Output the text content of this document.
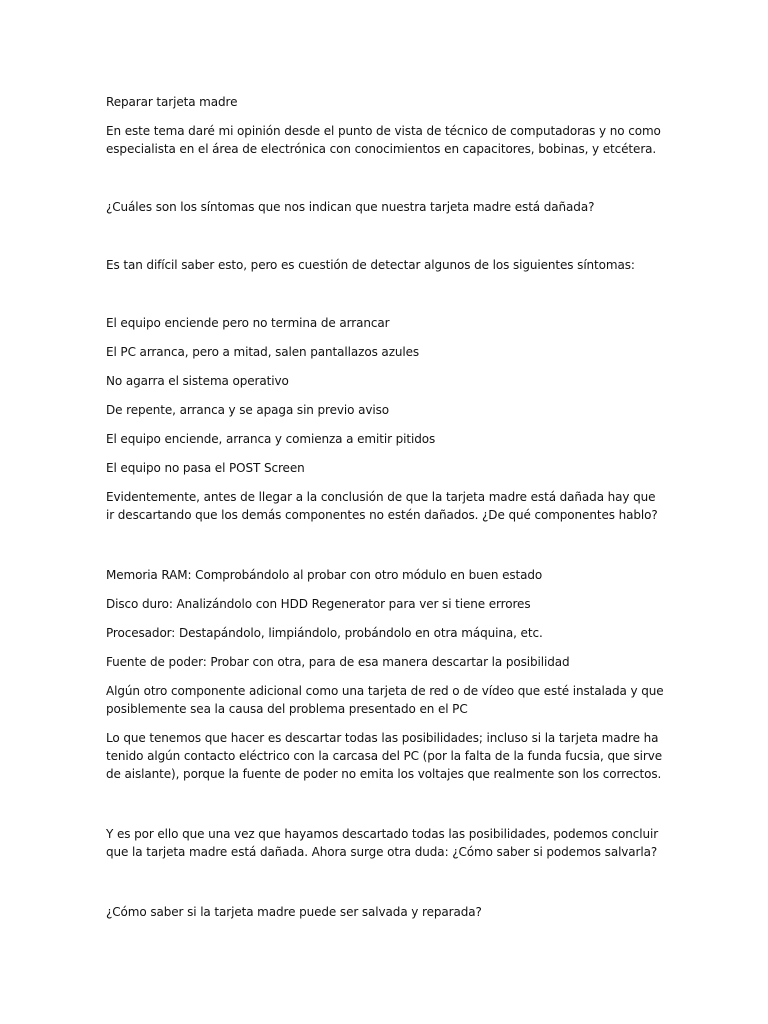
Reparar tarjeta madre

En este tema daré mi opinión desde el punto de vista de técnico de computadoras y no como especialista en el área de electrónica con conocimientos en capacitores, bobinas, y etcétera.

¿Cuáles son los síntomas que nos indican que nuestra tarjeta madre está dañada?

Es tan difícil saber esto, pero es cuestión de detectar algunos de los siguientes síntomas:

El equipo enciende pero no termina de arrancar

El PC arranca, pero a mitad, salen pantallazos azules

No agarra el sistema operativo

De repente, arranca y se apaga sin previo aviso

El equipo enciende, arranca y comienza a emitir pitidos

El equipo no pasa el POST Screen

Evidentemente, antes de llegar a la conclusión de que la tarjeta madre está dañada hay que ir descartando que los demás componentes no estén dañados. ¿De qué componentes hablo?

Memoria RAM: Comprobándolo al probar con otro módulo en buen estado

Disco duro: Analizándolo con HDD Regenerator para ver si tiene errores

Procesador: Destapándolo, limpiándolo, probándolo en otra máquina, etc.

Fuente de poder: Probar con otra, para de esa manera descartar la posibilidad

Algún otro componente adicional como una tarjeta de red o de vídeo que esté instalada y que posiblemente sea la causa del problema presentado en el PC

Lo que tenemos que hacer es descartar todas las posibilidades; incluso si la tarjeta madre ha tenido algún contacto eléctrico con la carcasa del PC (por la falta de la funda fucsia, que sirve de aislante), porque la fuente de poder no emita los voltajes que realmente son los correctos.

Y es por ello que una vez que hayamos descartado todas las posibilidades, podemos concluir que la tarjeta madre está dañada. Ahora surge otra duda: ¿Cómo saber si podemos salvarla?

¿Cómo saber si la tarjeta madre puede ser salvada y reparada?
